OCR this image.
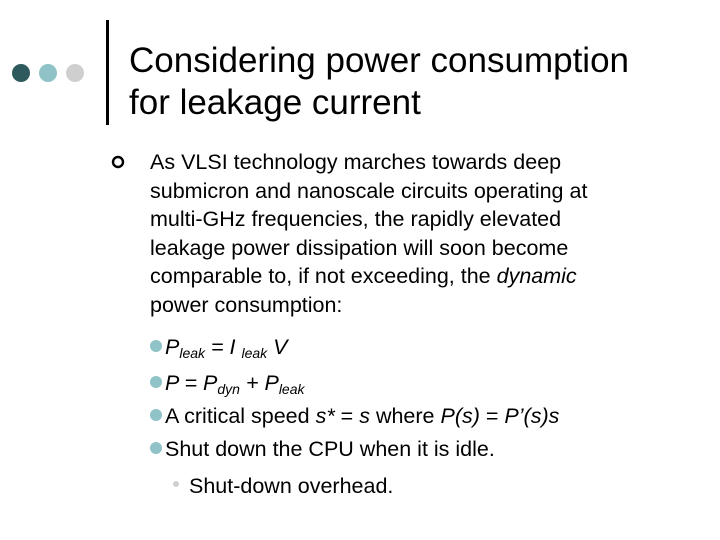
Considering power consumption
for leakage current
As VLSI technology marches towards deep
submicron and nanoscale circuits operating at
multi-GHz frequencies, the rapidly elevated
leakage power dissipation will soon become
comparable to, if not exceeding, the dynamic
power consumption:
$P_{leak} = I$ $_{leak}$ V
$P = P_{dyn} + P_{leak}$
A critical speed s* = s where P(s) = P’(s)s
Shut down the CPU when it is idle.
Shut-down overhead.
